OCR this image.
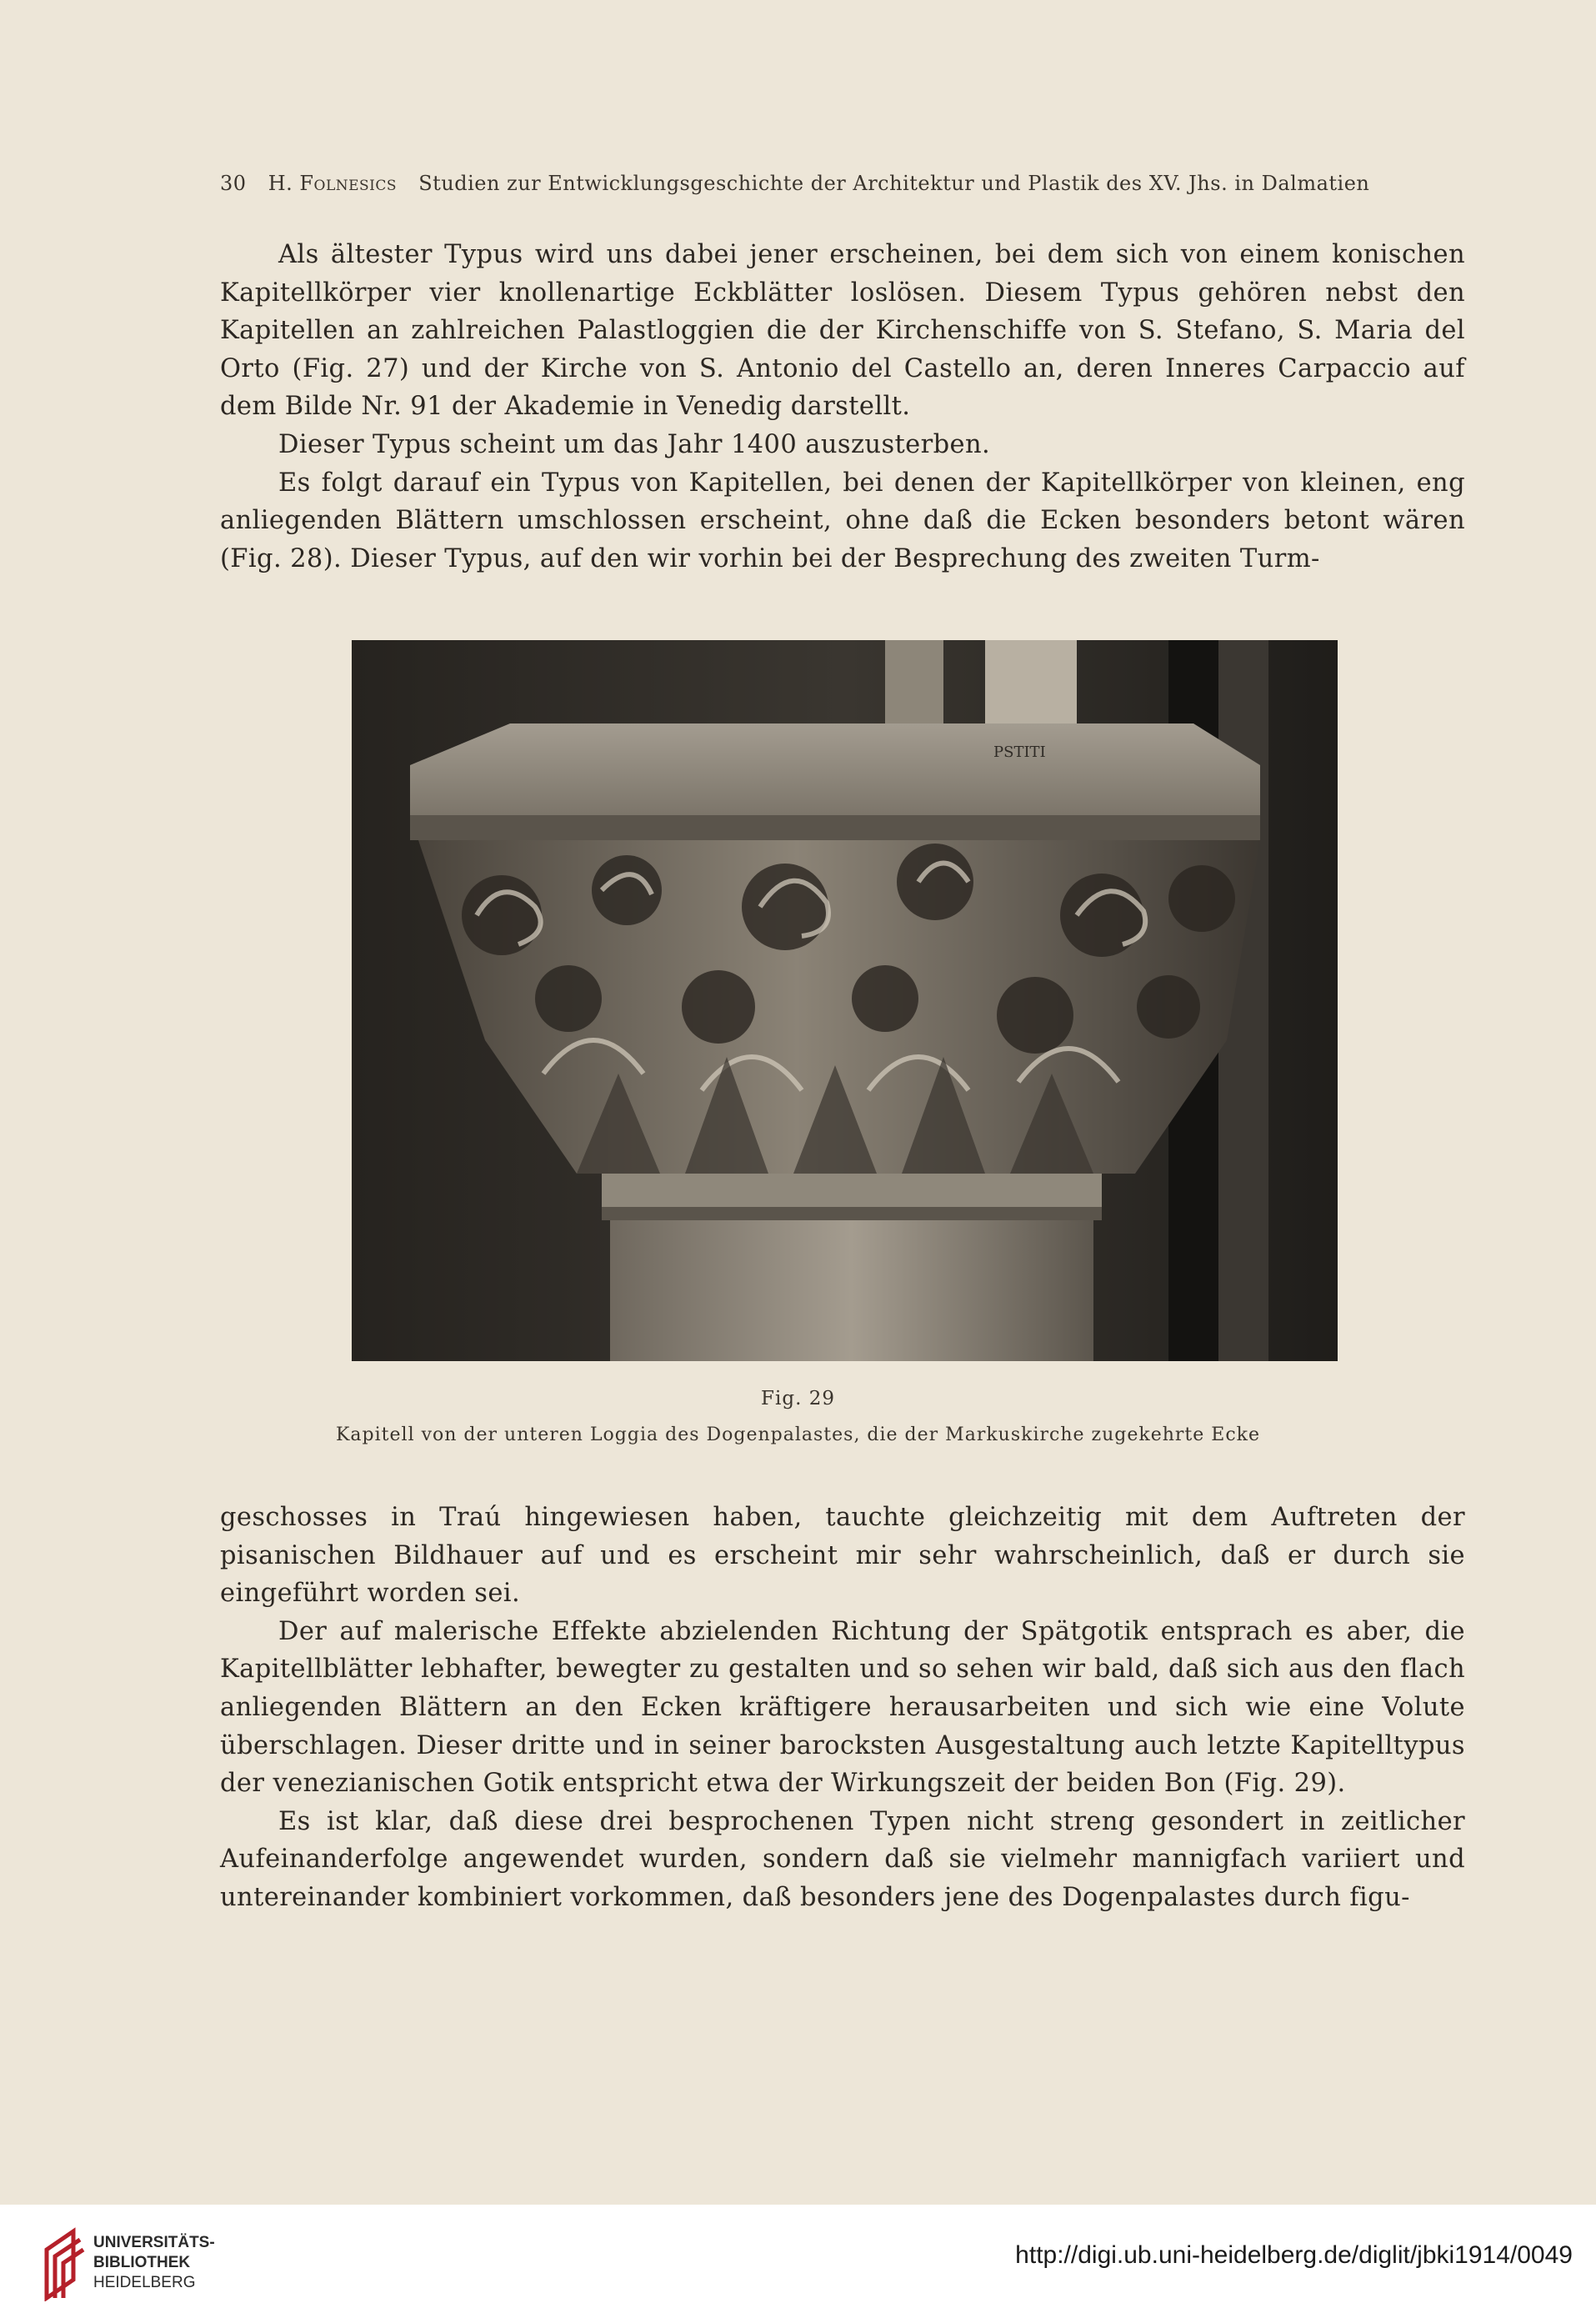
30 H. Folnesics Studien zur Entwicklungsgeschichte der Architektur und Plastik des XV. Jhs. in Dalmatien

Als ältester Typus wird uns dabei jener erscheinen, bei dem sich von einem konischen Kapitellkörper vier knollenartige Eckblätter loslösen. Diesem Typus gehören nebst den Kapitellen an zahlreichen Palastloggien die der Kirchenschiffe von S. Stefano, S. Maria del Orto (Fig. 27) und der Kirche von S. Antonio del Castello an, deren Inneres Carpaccio auf dem Bilde Nr. 91 der Akademie in Venedig darstellt.

Dieser Typus scheint um das Jahr 1400 auszusterben.

Es folgt darauf ein Typus von Kapitellen, bei denen der Kapitellkörper von kleinen, eng anliegenden Blättern umschlossen erscheint, ohne daß die Ecken besonders betont wären (Fig. 28). Dieser Typus, auf den wir vorhin bei der Besprechung des zweiten Turm-

PSTITI
Fig. 29
Kapitell von der unteren Loggia des Dogenpalastes, die der Markuskirche zugekehrte Ecke

geschosses in Traú hingewiesen haben, tauchte gleichzeitig mit dem Auftreten der pisanischen Bildhauer auf und es erscheint mir sehr wahrscheinlich, daß er durch sie eingeführt worden sei.

Der auf malerische Effekte abzielenden Richtung der Spätgotik entsprach es aber, die Kapitellblätter lebhafter, bewegter zu gestalten und so sehen wir bald, daß sich aus den flach anliegenden Blättern an den Ecken kräftigere herausarbeiten und sich wie eine Volute überschlagen. Dieser dritte und in seiner barocksten Ausgestaltung auch letzte Kapitelltypus der venezianischen Gotik entspricht etwa der Wirkungszeit der beiden Bon (Fig. 29).

Es ist klar, daß diese drei besprochenen Typen nicht streng gesondert in zeitlicher Aufeinanderfolge angewendet wurden, sondern daß sie vielmehr mannigfach variiert und untereinander kombiniert vorkommen, daß besonders jene des Dogenpalastes durch figu-

UNIVERSITÄTS-
BIBLIOTHEK
HEIDELBERG
http://digi.ub.uni-heidelberg.de/diglit/jbki1914/0049
